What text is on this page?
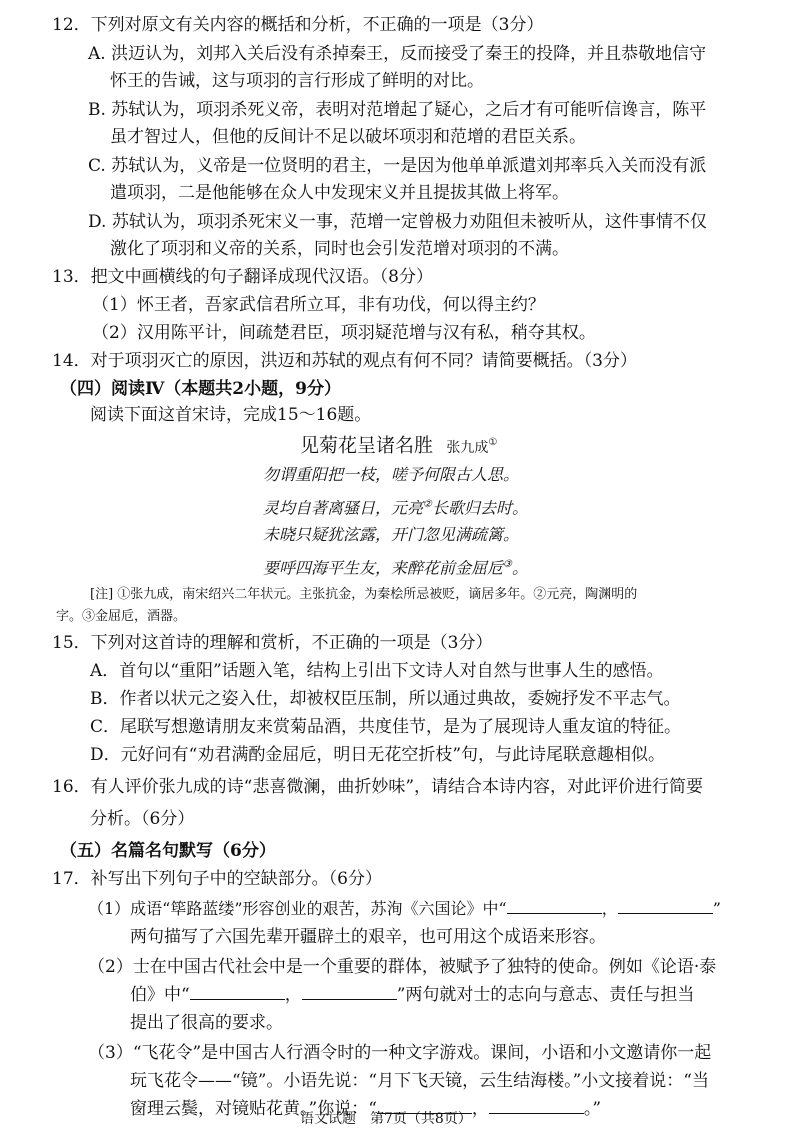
12．下列对原文有关内容的概括和分析，不正确的一项是（3分）
A. 洪迈认为，刘邦入关后没有杀掉秦王，反而接受了秦王的投降，并且恭敬地信守
怀王的告诫，这与项羽的言行形成了鲜明的对比。
B. 苏轼认为，项羽杀死义帝，表明对范增起了疑心，之后才有可能听信谗言，陈平
虽才智过人，但他的反间计不足以破坏项羽和范增的君臣关系。
C. 苏轼认为，义帝是一位贤明的君主，一是因为他单单派遣刘邦率兵入关而没有派
遣项羽，二是他能够在众人中发现宋义并且提拔其做上将军。
D. 苏轼认为，项羽杀死宋义一事，范增一定曾极力劝阻但未被听从，这件事情不仅
激化了项羽和义帝的关系，同时也会引发范增对项羽的不满。
13．把文中画横线的句子翻译成现代汉语。（8分）
（1）怀王者，吾家武信君所立耳，非有功伐，何以得主约？
（2）汉用陈平计，间疏楚君臣，项羽疑范增与汉有私，稍夺其权。
14．对于项羽灭亡的原因，洪迈和苏轼的观点有何不同？请简要概括。（3分）
（四）阅读Ⅳ（本题共2小题，9分）
阅读下面这首宋诗，完成15～16题。
见菊花呈诸名胜 张九成①
勿谓重阳把一枝，嗟予何限古人思。
灵均自著离骚日，元亮②长歌归去时。
未晓只疑犹泫露，开门忽见满疏篱。
要呼四海平生友，来醉花前金屈卮③。
[注] ①张九成，南宋绍兴二年状元。主张抗金，为秦桧所忌被贬，谪居多年。②元亮，陶渊明的
字。③金屈卮，酒器。
15．下列对这首诗的理解和赏析，不正确的一项是（3分）
A．首句以“重阳”话题入笔，结构上引出下文诗人对自然与世事人生的感悟。
B．作者以状元之姿入仕，却被权臣压制，所以通过典故，委婉抒发不平志气。
C．尾联写想邀请朋友来赏菊品酒，共度佳节，是为了展现诗人重友谊的特征。
D．元好问有“劝君满酌金屈卮，明日无花空折枝”句，与此诗尾联意趣相似。
16．有人评价张九成的诗“悲喜微澜，曲折妙味”，请结合本诗内容，对此评价进行简要
分析。（6分）
（五）名篇名句默写（6分）
17．补写出下列句子中的空缺部分。（6分）
（1）成语“筚路蓝缕”形容创业的艰苦，苏洵《六国论》中“	，	”
两句描写了六国先辈开疆辟土的艰辛，也可用这个成语来形容。
（2）士在中国古代社会中是一个重要的群体，被赋予了独特的使命。例如《论语·泰
伯》中“	，	”两句就对士的志向与意志、责任与担当
提出了很高的要求。
（3）“飞花令”是中国古人行酒令时的一种文字游戏。课间，小语和小文邀请你一起
玩飞花令——“镜”。小语先说：“月下飞天镜，云生结海楼。”小文接着说：“当
窗理云鬓，对镜贴花黄。”你说：“	，	。”
语文试题　第7页（共8页）
